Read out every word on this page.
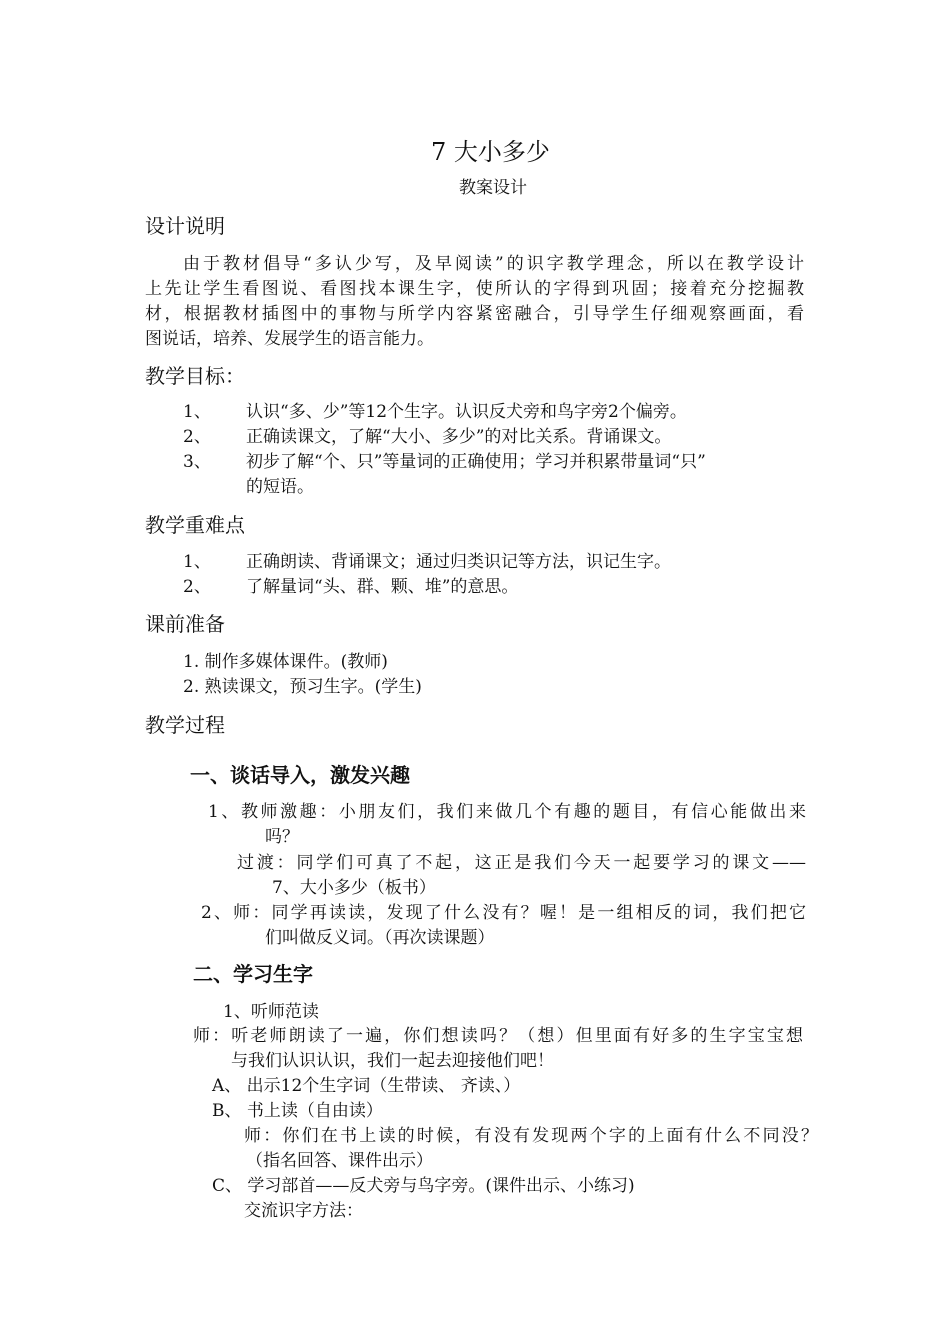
7 大小多少
教案设计
设计说明
由于教材倡导“多认少写，及早阅读”的识字教学理念，所以在教学设计
上先让学生看图说、看图找本课生字，使所认的字得到巩固；接着充分挖掘教
材，根据教材插图中的事物与所学内容紧密融合，引导学生仔细观察画面，看
图说话，培养、发展学生的语言能力。
教学目标：
1、 认识“多、少”等12个生字。认识反犬旁和鸟字旁2个偏旁。
2、 正确读课文，了解“大小、多少”的对比关系。背诵课文。
3、 初步了解“个、只”等量词的正确使用；学习并积累带量词“只”
的短语。
教学重难点
1、 正确朗读、背诵课文；通过归类识记等方法，识记生字。
2、 了解量词“头、群、颗、堆”的意思。
课前准备
1. 制作多媒体课件。(教师)
2. 熟读课文，预习生字。(学生)
教学过程
一、谈话导入，激发兴趣
1、教师激趣：小朋友们，我们来做几个有趣的题目，有信心能做出来
吗？
过渡：同学们可真了不起，这正是我们今天一起要学习的课文——
7、大小多少（板书）
2、师：同学再读读，发现了什么没有？喔！是一组相反的词，我们把它
们叫做反义词。（再次读课题）
二、学习生字
1、听师范读
师：听老师朗读了一遍，你们想读吗？（想）但里面有好多的生字宝宝想
与我们认识认识，我们一起去迎接他们吧！
A、 出示12个生字词（生带读、 齐读、）
B、 书上读（自由读）
师：你们在书上读的时候，有没有发现两个字的上面有什么不同没？
（指名回答、课件出示）
C、 学习部首——反犬旁与鸟字旁。(课件出示、小练习)
交流识字方法：
